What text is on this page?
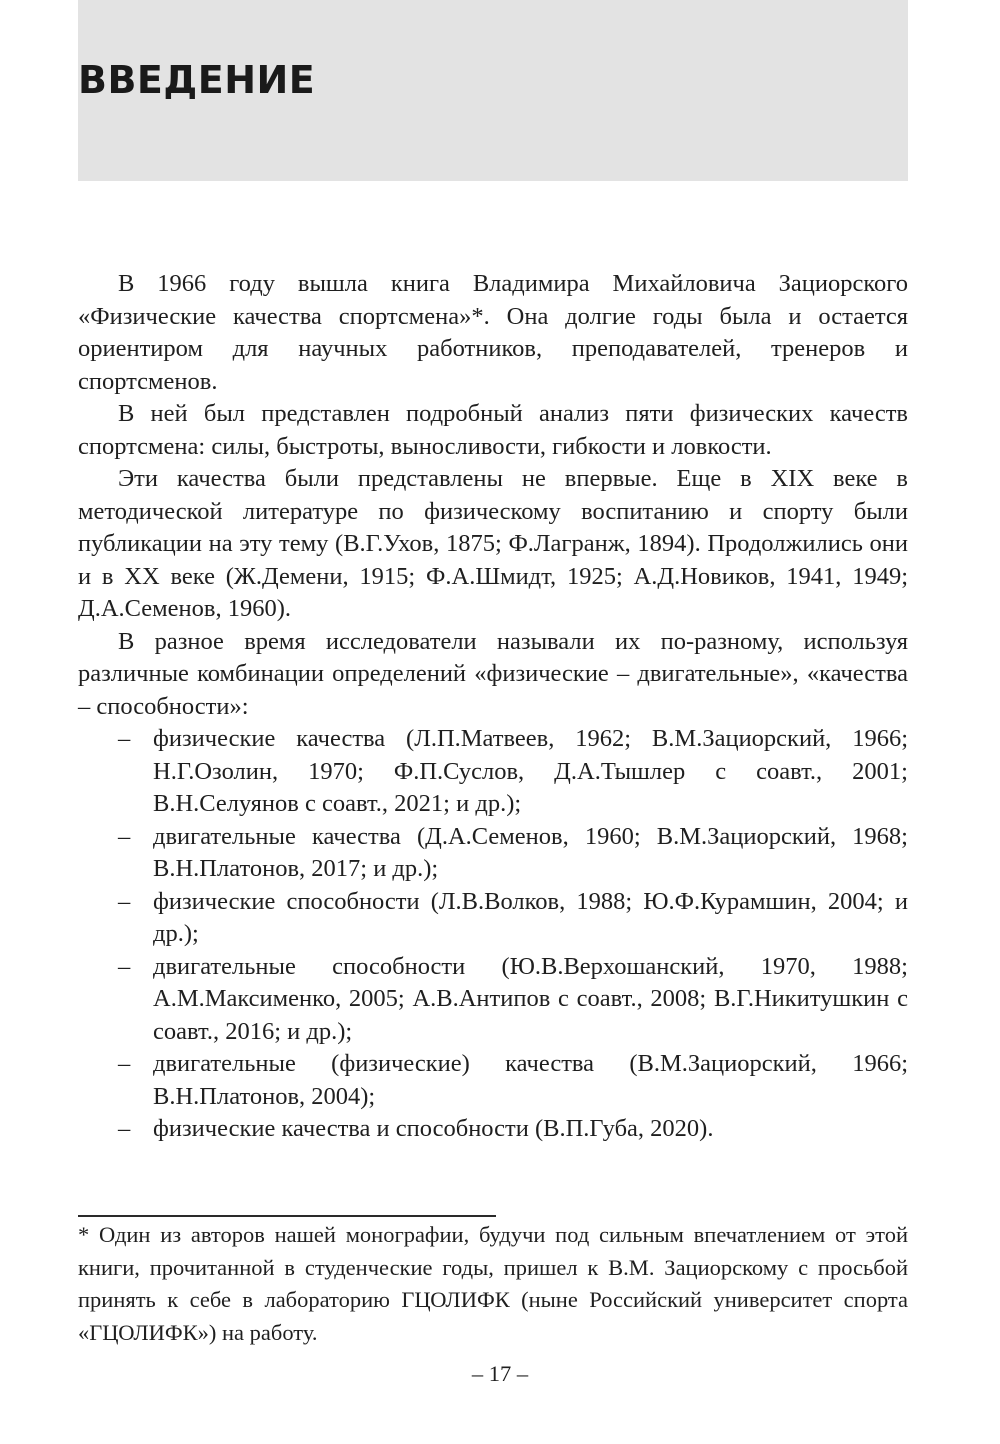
ВВЕДЕНИЕ

В 1966 году вышла книга Владимира Михайловича Зациорского «Физические качества спортсмена»*. Она долгие годы была и остается ориентиром для научных работников, преподавателей, тренеров и спортсменов.

В ней был представлен подробный анализ пяти физических качеств спортсмена: силы, быстроты, выносливости, гибкости и ловкости.

Эти качества были представлены не впервые. Еще в XIX веке в методической литературе по физическому воспитанию и спорту были публикации на эту тему (В.Г.Ухов, 1875; Ф.Лагранж, 1894). Продолжились они и в XX веке (Ж.Демени, 1915; Ф.А.Шмидт, 1925; А.Д.Новиков, 1941, 1949; Д.А.Семенов, 1960).

В разное время исследователи называли их по-разному, используя различные комбинации определений «физические – двигательные», «качества – способности»:

– физические качества (Л.П.Матвеев, 1962; В.М.Зациорский, 1966; Н.Г.Озолин, 1970; Ф.П.Суслов, Д.А.Тышлер с соавт., 2001; В.Н.Селуянов с соавт., 2021; и др.);
– двигательные качества (Д.А.Семенов, 1960; В.М.Зациорский, 1968; В.Н.Платонов, 2017; и др.);
– физические способности (Л.В.Волков, 1988; Ю.Ф.Курамшин, 2004; и др.);
– двигательные способности (Ю.В.Верхошанский, 1970, 1988; А.М.Максименко, 2005; А.В.Антипов с соавт., 2008; В.Г.Никитушкин с соавт., 2016; и др.);
– двигательные (физические) качества (В.М.Зациорский, 1966; В.Н.Платонов, 2004);
– физические качества и способности (В.П.Губа, 2020).

* Один из авторов нашей монографии, будучи под сильным впечатлением от этой книги, прочитанной в студенческие годы, пришел к В.М. Зациорскому с просьбой принять к себе в лабораторию ГЦОЛИФК (ныне Российский университет спорта «ГЦОЛИФК») на работу.

– 17 –
